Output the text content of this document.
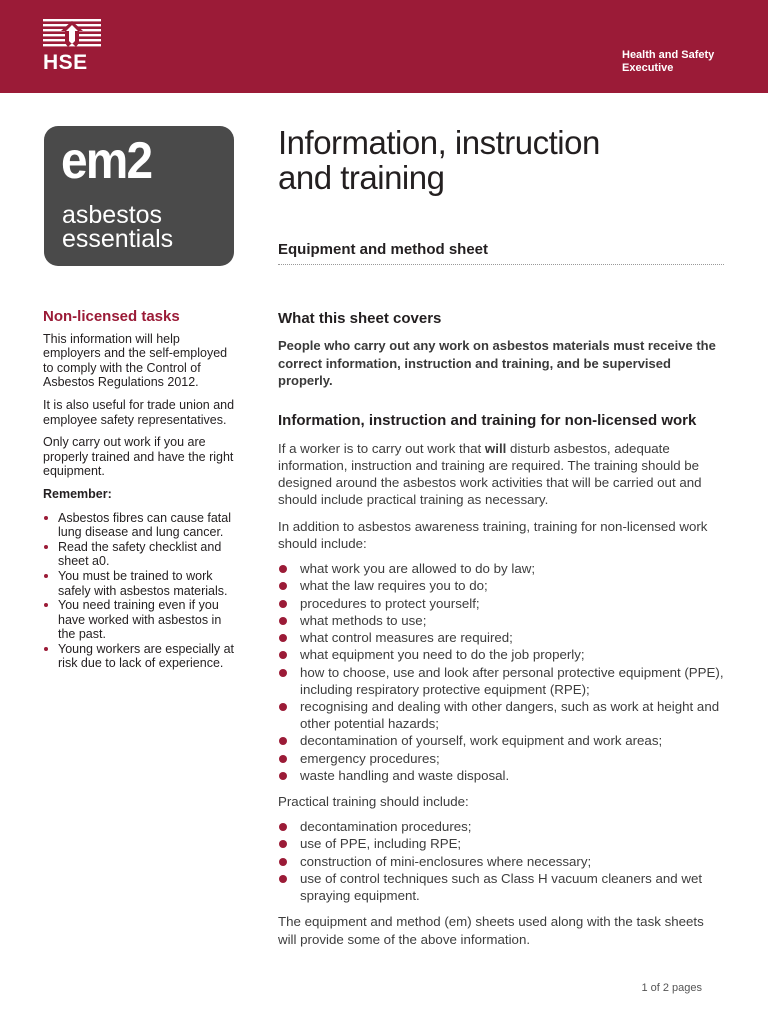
HSE	Health and Safety
Executive
em2
asbestos
essentials
Information, instruction
and training
Equipment and method sheet
Non-licensed tasks

This information will help employers and the self-employed to comply with the Control of Asbestos Regulations 2012.

It is also useful for trade union and employee safety representatives.

Only carry out work if you are properly trained and have the right equipment.

Remember:
Asbestos fibres can cause fatal lung disease and lung cancer.
Read the safety checklist and sheet a0.
You must be trained to work safely with asbestos materials.
You need training even if you have worked with asbestos in the past.
Young workers are especially at risk due to lack of experience.
What this sheet covers

People who carry out any work on asbestos materials must receive the correct information, instruction and training, and be supervised properly.

Information, instruction and training for non-licensed work

If a worker is to carry out work that will disturb asbestos, adequate information, instruction and training are required. The training should be designed around the asbestos work activities that will be carried out and should include practical training as necessary.

In addition to asbestos awareness training, training for non-licensed work should include:

what work you are allowed to do by law;
what the law requires you to do;
procedures to protect yourself;
what methods to use;
what control measures are required;
what equipment you need to do the job properly;
how to choose, use and look after personal protective equipment (PPE), including respiratory protective equipment (RPE);
recognising and dealing with other dangers, such as work at height and other potential hazards;
decontamination of yourself, work equipment and work areas;
emergency procedures;
waste handling and waste disposal.

Practical training should include:

decontamination procedures;
use of PPE, including RPE;
construction of mini-enclosures where necessary;
use of control techniques such as Class H vacuum cleaners and wet spraying equipment.

The equipment and method (em) sheets used along with the task sheets will provide some of the above information.

1 of 2 pages
